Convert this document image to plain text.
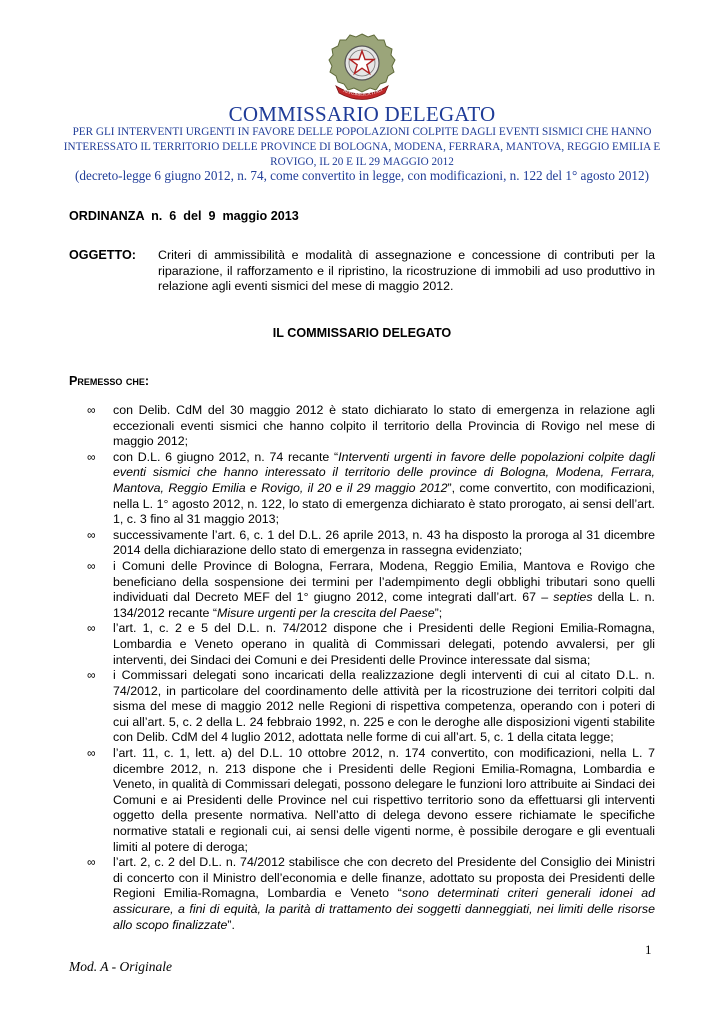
REPUBBLICA ITALI
COMMISSARIO DELEGATO
PER GLI INTERVENTI URGENTI IN FAVORE DELLE POPOLAZIONI COLPITE DAGLI EVENTI SISMICI CHE HANNO INTERESSATO IL TERRITORIO DELLE PROVINCE DI BOLOGNA, MODENA, FERRARA, MANTOVA, REGGIO EMILIA E ROVIGO, IL 20 E IL 29 MAGGIO 2012
(decreto-legge 6 giugno 2012, n. 74, come convertito in legge, con modificazioni, n. 122 del 1° agosto 2012)
ORDINANZA  n.  6  del  9  maggio 2013
OGGETTO: Criteri di ammissibilità e modalità di assegnazione e concessione di contributi per la riparazione, il rafforzamento e il ripristino, la ricostruzione di immobili ad uso produttivo in relazione agli eventi sismici del mese di maggio 2012.
IL COMMISSARIO DELEGATO
Premesso che:
∞ con Delib. CdM del 30 maggio 2012 è stato dichiarato lo stato di emergenza in relazione agli eccezionali eventi sismici che hanno colpito il territorio della Provincia di Rovigo nel mese di maggio 2012;
∞ con D.L. 6 giugno 2012, n. 74 recante “Interventi urgenti in favore delle popolazioni colpite dagli eventi sismici che hanno interessato il territorio delle province di Bologna, Modena, Ferrara, Mantova, Reggio Emilia e Rovigo, il 20 e il 29 maggio 2012”, come convertito, con modificazioni, nella L. 1° agosto 2012, n. 122, lo stato di emergenza dichiarato è stato prorogato, ai sensi dell’art. 1, c. 3 fino al 31 maggio 2013;
∞ successivamente l’art. 6, c. 1 del D.L. 26 aprile 2013, n. 43 ha disposto la proroga al 31 dicembre 2014 della dichiarazione dello stato di emergenza in rassegna evidenziato;
∞ i Comuni delle Province di Bologna, Ferrara, Modena, Reggio Emilia, Mantova e Rovigo che beneficiano della sospensione dei termini per l’adempimento degli obblighi tributari sono quelli individuati dal Decreto MEF del 1° giugno 2012, come integrati dall’art. 67 – septies della L. n. 134/2012 recante “Misure urgenti per la crescita del Paese”;
∞ l’art. 1, c. 2 e 5 del D.L. n. 74/2012 dispone che i Presidenti delle Regioni Emilia-Romagna, Lombardia e Veneto operano in qualità di Commissari delegati, potendo avvalersi, per gli interventi, dei Sindaci dei Comuni e dei Presidenti delle Province interessate dal sisma;
∞ i Commissari delegati sono incaricati della realizzazione degli interventi di cui al citato D.L. n. 74/2012, in particolare del coordinamento delle attività per la ricostruzione dei territori colpiti dal sisma del mese di maggio 2012 nelle Regioni di rispettiva competenza, operando con i poteri di cui all’art. 5, c. 2 della L. 24 febbraio 1992, n. 225 e con le deroghe alle disposizioni vigenti stabilite con Delib. CdM del 4 luglio 2012, adottata nelle forme di cui all’art. 5, c. 1 della citata legge;
∞ l’art. 11, c. 1, lett. a) del D.L. 10 ottobre 2012, n. 174 convertito, con modificazioni, nella L. 7 dicembre 2012, n. 213 dispone che i Presidenti delle Regioni Emilia-Romagna, Lombardia e Veneto, in qualità di Commissari delegati, possono delegare le funzioni loro attribuite ai Sindaci dei Comuni e ai Presidenti delle Province nel cui rispettivo territorio sono da effettuarsi gli interventi oggetto della presente normativa. Nell’atto di delega devono essere richiamate le specifiche normative statali e regionali cui, ai sensi delle vigenti norme, è possibile derogare e gli eventuali limiti al potere di deroga;
∞ l’art. 2, c. 2 del D.L. n. 74/2012 stabilisce che con decreto del Presidente del Consiglio dei Ministri di concerto con il Ministro dell’economia e delle finanze, adottato su proposta dei Presidenti delle Regioni Emilia-Romagna, Lombardia e Veneto “sono determinati criteri generali idonei ad assicurare, a fini di equità, la parità di trattamento dei soggetti danneggiati, nei limiti delle risorse allo scopo finalizzate”.
1
Mod. A - Originale
